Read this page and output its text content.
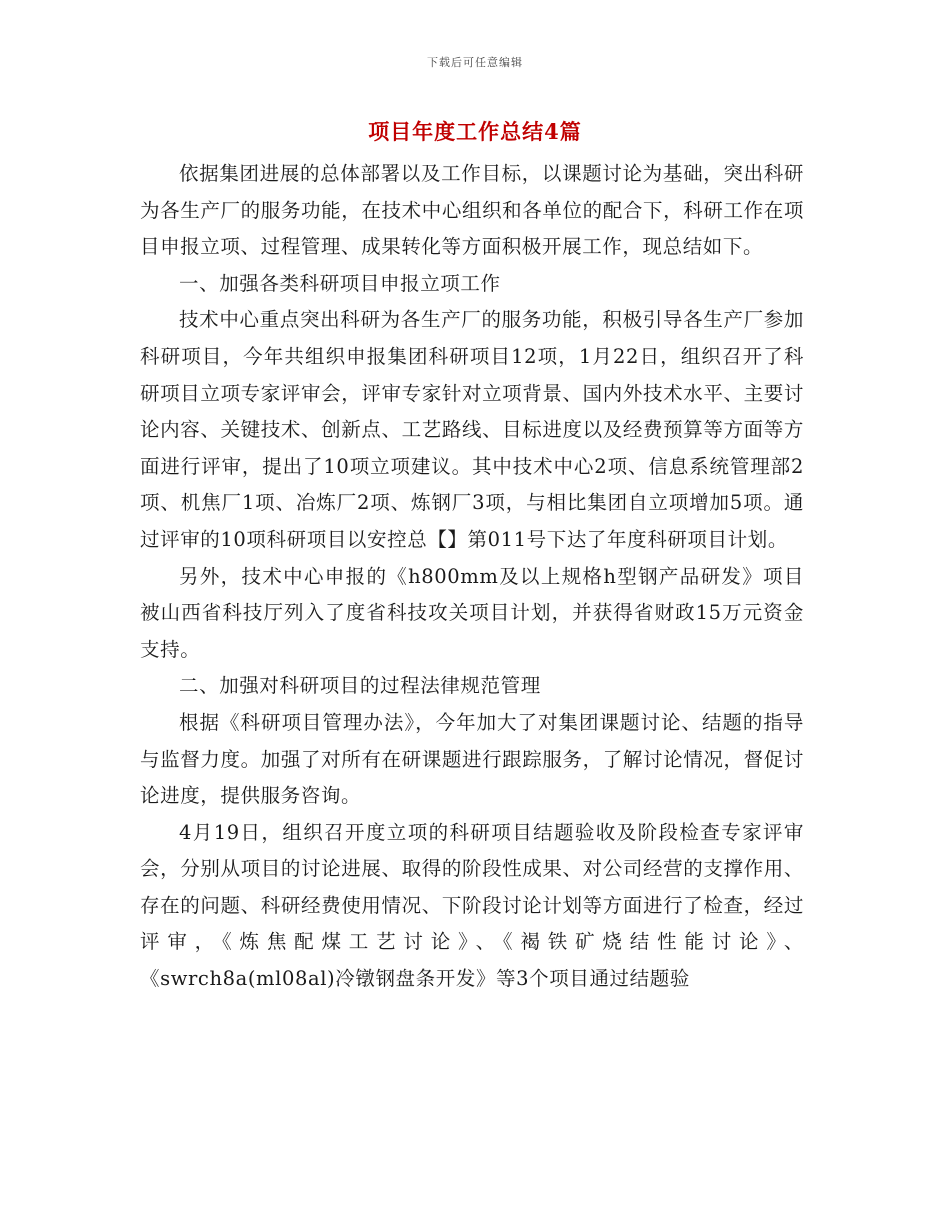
下载后可任意编辑
项目年度工作总结4篇

依据集团进展的总体部署以及工作目标，以课题讨论为基础，突出科研为各生产厂的服务功能，在技术中心组织和各单位的配合下，科研工作在项目申报立项、过程管理、成果转化等方面积极开展工作，现总结如下。

一、加强各类科研项目申报立项工作

技术中心重点突出科研为各生产厂的服务功能，积极引导各生产厂参加科研项目，今年共组织申报集团科研项目12项，1月22日，组织召开了科研项目立项专家评审会，评审专家针对立项背景、国内外技术水平、主要讨论内容、关键技术、创新点、工艺路线、目标进度以及经费预算等方面等方面进行评审，提出了10项立项建议。其中技术中心2项、信息系统管理部2项、机焦厂1项、冶炼厂2项、炼钢厂3项，与相比集团自立项增加5项。通过评审的10项科研项目以安控总【】第011号下达了年度科研项目计划。

另外，技术中心申报的《h800mm及以上规格h型钢产品研发》项目被山西省科技厅列入了度省科技攻关项目计划，并获得省财政15万元资金支持。

二、加强对科研项目的过程法律规范管理

根据《科研项目管理办法》，今年加大了对集团课题讨论、结题的指导与监督力度。加强了对所有在研课题进行跟踪服务，了解讨论情况，督促讨论进度，提供服务咨询。

4月19日，组织召开度立项的科研项目结题验收及阶段检查专家评审会，分别从项目的讨论进展、取得的阶段性成果、对公司经营的支撑作用、存在的问题、科研经费使用情况、下阶段讨论计划等方面进行了检查，经过评审，《炼焦配煤工艺讨论》、《褐铁矿烧结性能讨论》、《swrch8a(ml08al)冷镦钢盘条开发》等3个项目通过结题验
